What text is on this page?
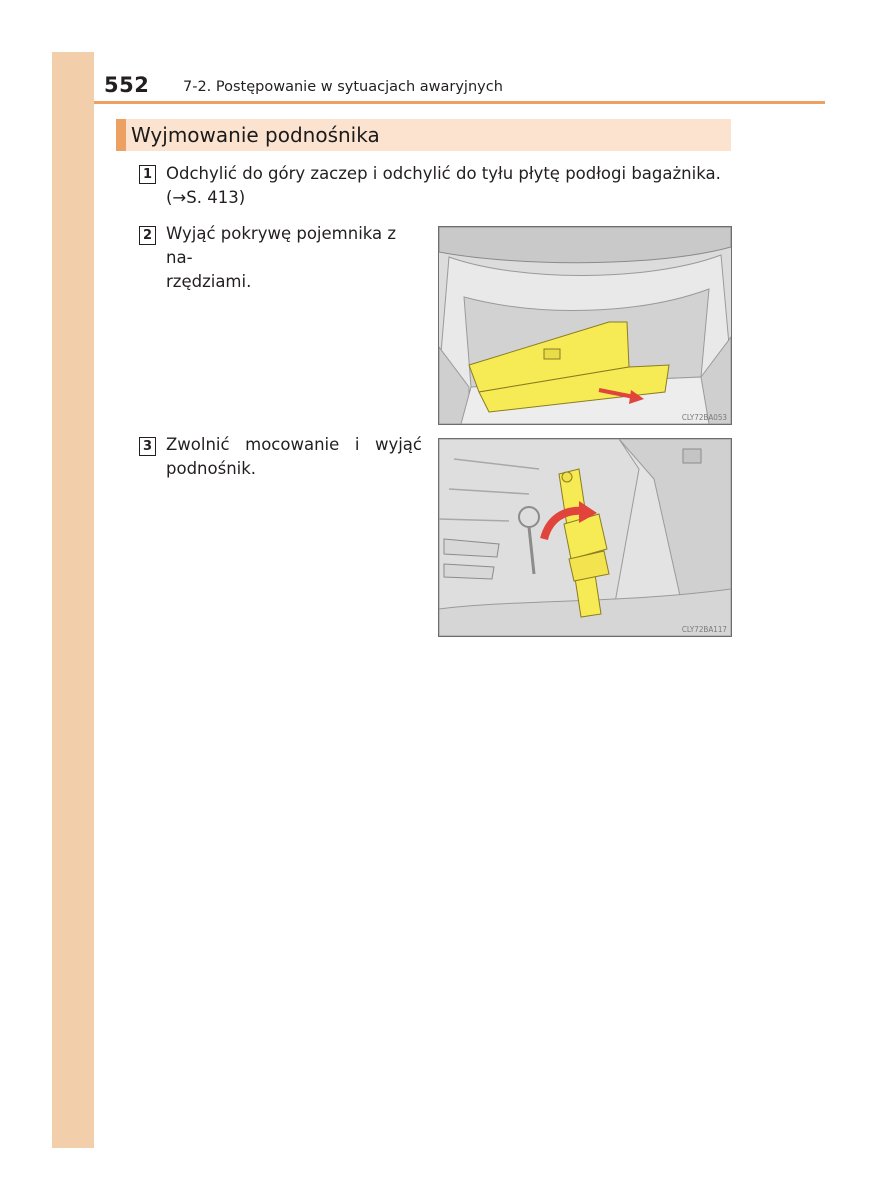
552 7-2. Postępowanie w sytuacjach awaryjnych
Wyjmowanie podnośnika
1 Odchylić do góry zaczep i odchylić do tyłu płytę podłogi bagażnika.
(→S. 413)
2 Wyjąć pokrywę pojemnika z na-
rzędziami.
CLY72BA053
3 Zwolnić mocowanie i wyjąć
podnośnik.
CLY72BA117
